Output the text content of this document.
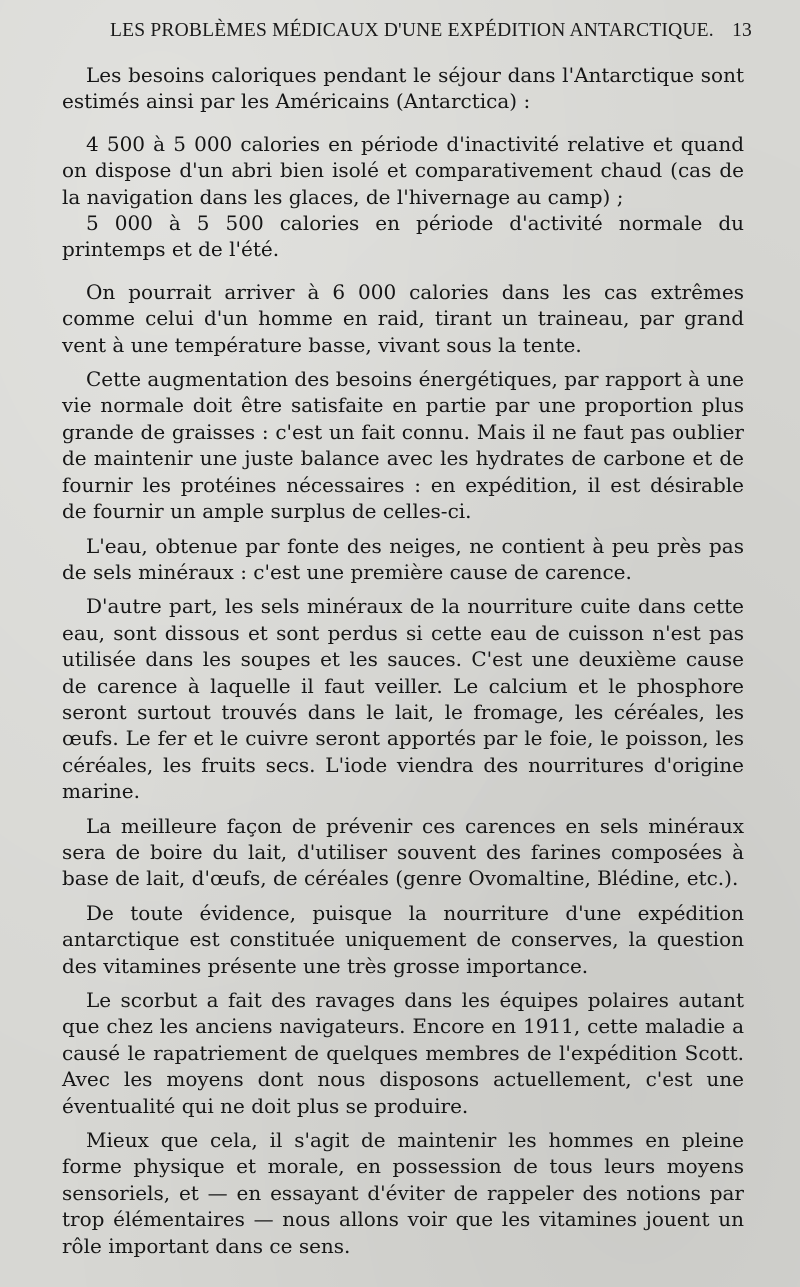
LES PROBLÈMES MÉDICAUX D'UNE EXPÉDITION ANTARCTIQUE. 13

Les besoins caloriques pendant le séjour dans l'Antarctique sont estimés ainsi par les Américains (Antarctica) :

4 500 à 5 000 calories en période d'inactivité relative et quand on dispose d'un abri bien isolé et comparativement chaud (cas de la navigation dans les glaces, de l'hivernage au camp) ;

5 000 à 5 500 calories en période d'activité normale du printemps et de l'été.

On pourrait arriver à 6 000 calories dans les cas extrêmes comme celui d'un homme en raid, tirant un traineau, par grand vent à une température basse, vivant sous la tente.

Cette augmentation des besoins énergétiques, par rapport à une vie normale doit être satisfaite en partie par une proportion plus grande de graisses : c'est un fait connu. Mais il ne faut pas oublier de maintenir une juste balance avec les hydrates de carbone et de fournir les protéines nécessaires : en expédition, il est désirable de fournir un ample surplus de celles-ci.

L'eau, obtenue par fonte des neiges, ne contient à peu près pas de sels minéraux : c'est une première cause de carence.

D'autre part, les sels minéraux de la nourriture cuite dans cette eau, sont dissous et sont perdus si cette eau de cuisson n'est pas utilisée dans les soupes et les sauces. C'est une deuxième cause de carence à laquelle il faut veiller. Le calcium et le phosphore seront surtout trouvés dans le lait, le fromage, les céréales, les œufs. Le fer et le cuivre seront apportés par le foie, le poisson, les céréales, les fruits secs. L'iode viendra des nourritures d'origine marine.

La meilleure façon de prévenir ces carences en sels minéraux sera de boire du lait, d'utiliser souvent des farines composées à base de lait, d'œufs, de céréales (genre Ovomaltine, Blédine, etc.).

De toute évidence, puisque la nourriture d'une expédition antarctique est constituée uniquement de conserves, la question des vitamines présente une très grosse importance.

Le scorbut a fait des ravages dans les équipes polaires autant que chez les anciens navigateurs. Encore en 1911, cette maladie a causé le rapatriement de quelques membres de l'expédition Scott. Avec les moyens dont nous disposons actuellement, c'est une éventualité qui ne doit plus se produire.

Mieux que cela, il s'agit de maintenir les hommes en pleine forme physique et morale, en possession de tous leurs moyens sensoriels, et — en essayant d'éviter de rappeler des notions par trop élémentaires — nous allons voir que les vitamines jouent un rôle important dans ce sens.
